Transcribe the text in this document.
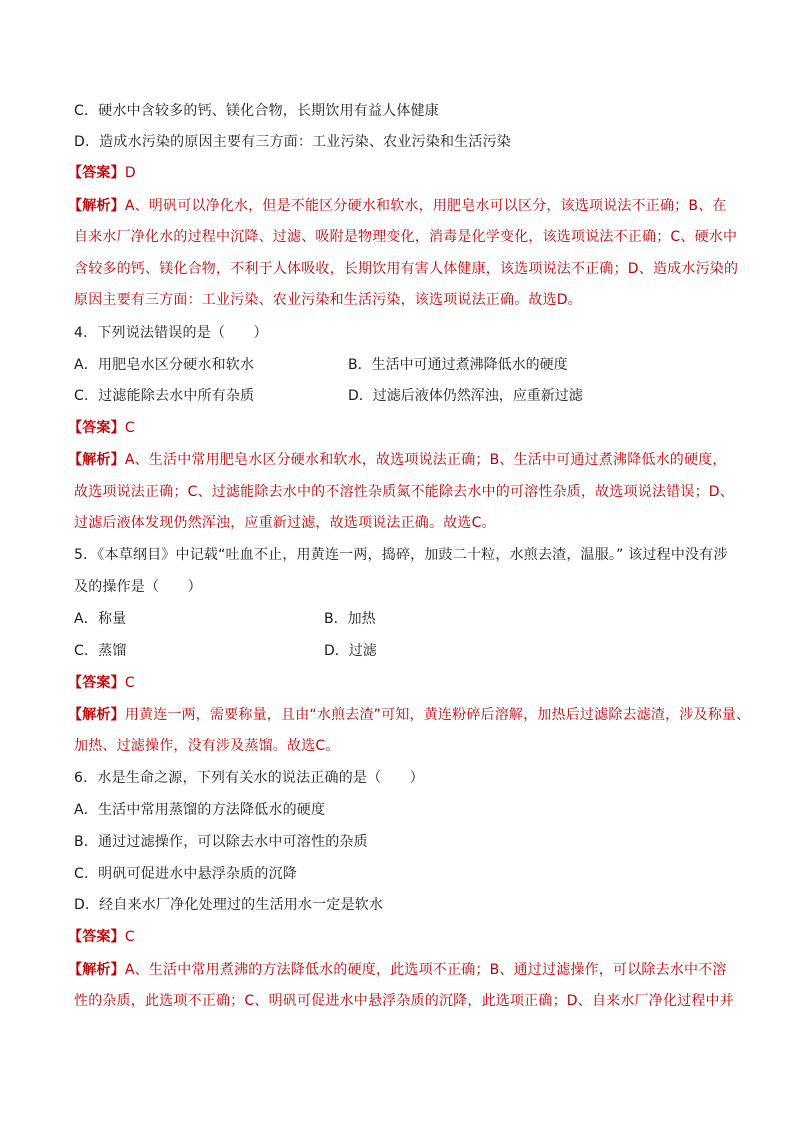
C．硬水中含较多的钙、镁化合物，长期饮用有益人体健康
D．造成水污染的原因主要有三方面：工业污染、农业污染和生活污染
【答案】D
【解析】A、明矾可以净化水，但是不能区分硬水和软水，用肥皂水可以区分，该选项说法不正确；B、在
自来水厂净化水的过程中沉降、过滤、吸附是物理变化，消毒是化学变化，该选项说法不正确；C、硬水中
含较多的钙、镁化合物，不利于人体吸收，长期饮用有害人体健康，该选项说法不正确；D、造成水污染的
原因主要有三方面：工业污染、农业污染和生活污染，该选项说法正确。故选D。
4．下列说法错误的是（　　）
A．用肥皂水区分硬水和软水	B．生活中可通过煮沸降低水的硬度
C．过滤能除去水中所有杂质	D．过滤后液体仍然浑浊，应重新过滤
【答案】C
【解析】A、生活中常用肥皂水区分硬水和软水，故选项说法正确；B、生活中可通过煮沸降低水的硬度，
故选项说法正确；C、过滤能除去水中的不溶性杂质氮不能除去水中的可溶性杂质，故选项说法错误；D、
过滤后液体发现仍然浑浊，应重新过滤，故选项说法正确。故选C。
5．《本草纲目》中记载“吐血不止，用黄连一两，捣碎，加豉二十粒，水煎去渣，温服。” 该过程中没有涉
及的操作是（　　）
A．称量	B．加热
C．蒸馏	D．过滤
【答案】C
【解析】用黄连一两，需要称量，且由“水煎去渣”可知，黄连粉碎后溶解，加热后过滤除去滤渣，涉及称量、
加热、过滤操作，没有涉及蒸馏。故选C。
6．水是生命之源，下列有关水的说法正确的是（　　）
A．生活中常用蒸馏的方法降低水的硬度
B．通过过滤操作，可以除去水中可溶性的杂质
C．明矾可促进水中悬浮杂质的沉降
D．经自来水厂净化处理过的生活用水一定是软水
【答案】C
【解析】A、生活中常用煮沸的方法降低水的硬度，此选项不正确；B、通过过滤操作，可以除去水中不溶
性的杂质，此选项不正确；C、明矾可促进水中悬浮杂质的沉降，此选项正确；D、自来水厂净化过程中并
